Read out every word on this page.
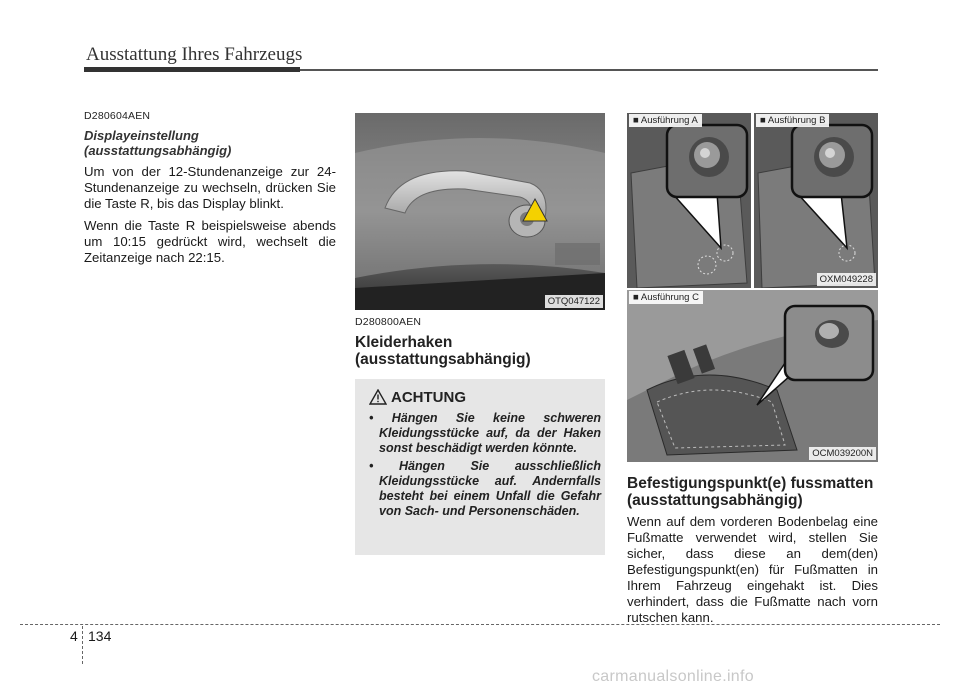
Ausstattung Ihres Fahrzeugs
D280604AEN
Displayeinstellung (ausstattungsabhängig)

Um von der 12-Stundenanzeige zur 24-Stundenanzeige zu wechseln, drücken Sie die Taste R, bis das Display blinkt.

Wenn die Taste R beispielsweise abends um 10:15 gedrückt wird, wechselt die Zeitanzeige nach 22:15.

OTQ047122
D280800AEN
Kleiderhaken (ausstattungsabhängig)
ACHTUNG
• Hängen Sie keine schweren Kleidungsstücke auf, da der Haken sonst beschädigt werden könnte.
• Hängen Sie ausschließlich Kleidungsstücke auf. Andernfalls besteht bei einem Unfall die Gefahr von Sach- und Personenschäden.
■ Ausführung A	■ Ausführung B
OXM049228
■ Ausführung C
OCM039200N
Befestigungspunkt(e) fussmatten (ausstattungsabhängig)

Wenn auf dem vorderen Bodenbelag eine Fußmatte verwendet wird, stellen Sie sicher, dass diese an dem(den) Befestigungspunkt(en) für Fußmatten in Ihrem Fahrzeug eingehakt ist. Dies verhindert, dass die Fußmatte nach vorn rutschen kann.

4 134
carmanualsonline.info
